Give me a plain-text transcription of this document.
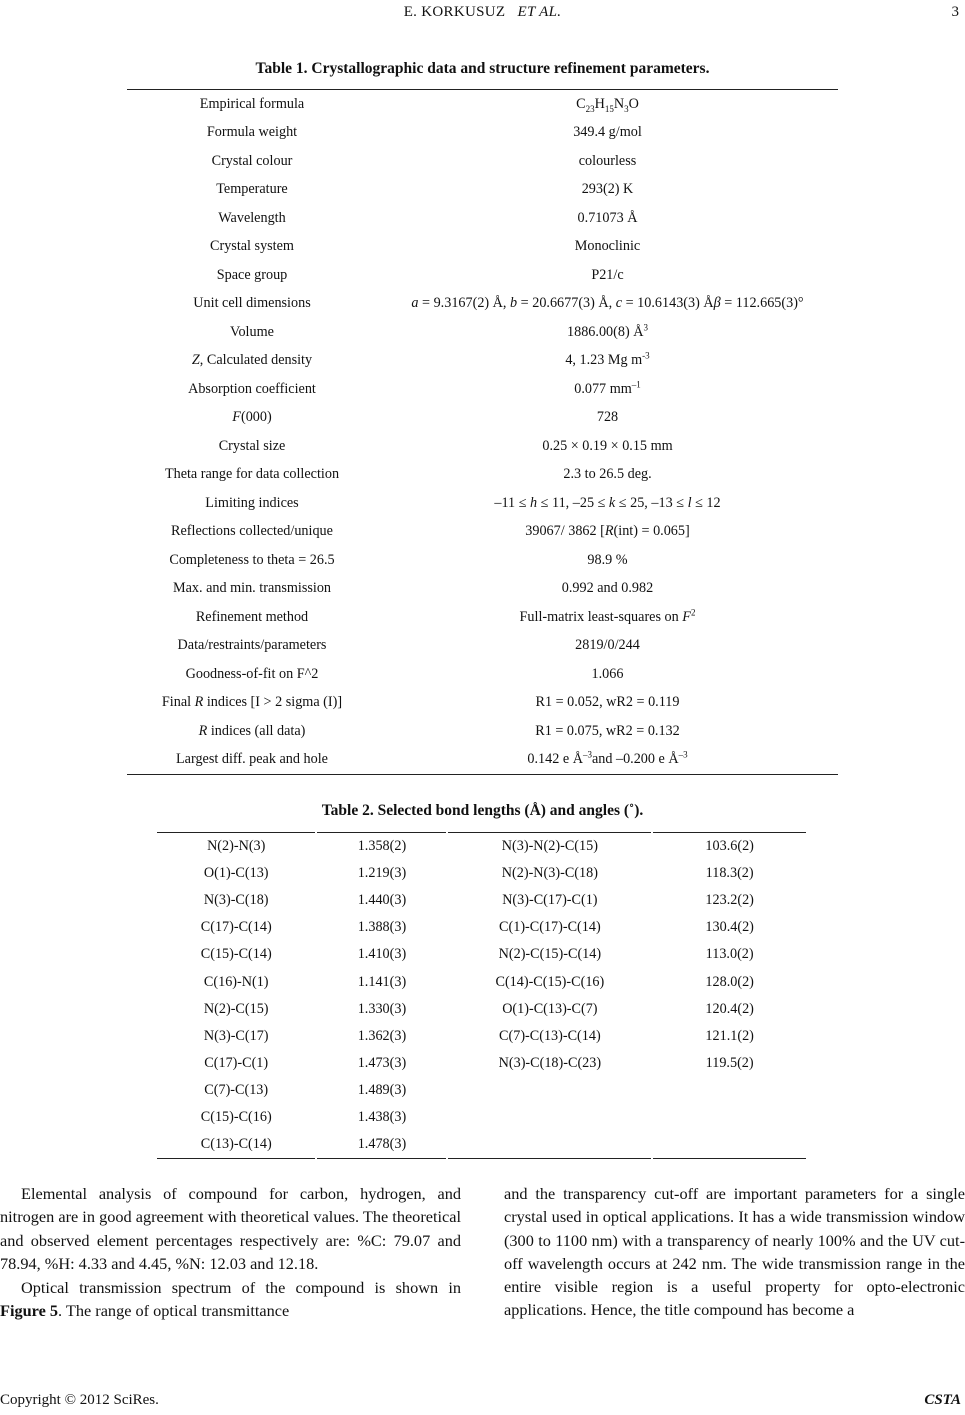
E. KORKUSUZ ET AL.	3
Table 1. Crystallographic data and structure refinement parameters.
Empirical formula	$C_{23}H_{15}N_3O$
Formula weight	349.4 g/mol
Crystal colour	colourless
Temperature	293(2) K
Wavelength	0.71073 Å
Crystal system	Monoclinic
Space group	P21/c
Unit cell dimensions	a = 9.3167(2) Å, b = 20.6677(3) Å, c = 10.6143(3) Åβ = 112.665(3)°
Volume	1886.00(8) $Å^3$
Z, Calculated density	4, 1.23 Mg $m^{-3}$
Absorption coefficient	0.077 $mm^{-1}$
F(000)	728
Crystal size	0.25 × 0.19 × 0.15 mm
Theta range for data collection	2.3 to 26.5 deg.
Limiting indices	–11 ≤ h ≤ 11, –25 ≤ k ≤ 25, –13 ≤ l ≤ 12
Reflections collected/unique	39067/ 3862 [R(int) = 0.065]
Completeness to theta = 26.5	98.9 %
Max. and min. transmission	0.992 and 0.982
Refinement method	Full-matrix least-squares on $F^2$
Data/restraints/parameters	2819/0/244
Goodness-of-fit on F^2	1.066
Final R indices [I > 2 sigma (I)]	R1 = 0.052, wR2 = 0.119
R indices (all data)	R1 = 0.075, wR2 = 0.132
Largest diff. peak and hole	0.142 e $Å^{-3}and$ –0.200 e $Å^{-3}$
Table 2. Selected bond lengths (Å) and angles (˚).
N(2)-N(3)	1.358(2)	N(3)-N(2)-C(15)	103.6(2)
O(1)-C(13)	1.219(3)	N(2)-N(3)-C(18)	118.3(2)
N(3)-C(18)	1.440(3)	N(3)-C(17)-C(1)	123.2(2)
C(17)-C(14)	1.388(3)	C(1)-C(17)-C(14)	130.4(2)
C(15)-C(14)	1.410(3)	N(2)-C(15)-C(14)	113.0(2)
C(16)-N(1)	1.141(3)	C(14)-C(15)-C(16)	128.0(2)
N(2)-C(15)	1.330(3)	O(1)-C(13)-C(7)	120.4(2)
N(3)-C(17)	1.362(3)	C(7)-C(13)-C(14)	121.1(2)
C(17)-C(1)	1.473(3)	N(3)-C(18)-C(23)	119.5(2)
C(7)-C(13)	1.489(3)		
C(15)-C(16)	1.438(3)		
C(13)-C(14)	1.478(3)		

Elemental analysis of compound for carbon, hydrogen, and nitrogen are in good agreement with theoretical values. The theoretical and observed element percentages respectively are: %C: 79.07 and 78.94, %H: 4.33 and 4.45, %N: 12.03 and 12.18.

Optical transmission spectrum of the compound is shown in Figure 5. The range of optical transmittance

and the transparency cut-off are important parameters for a single crystal used in optical applications. It has a wide transmission window (300 to 1100 nm) with a transparency of nearly 100% and the UV cut-off wavelength occurs at 242 nm. The wide transmission range in the entire visible region is a useful property for opto-electronic applications. Hence, the title compound has become a

Copyright © 2012 SciRes.	CSTA
